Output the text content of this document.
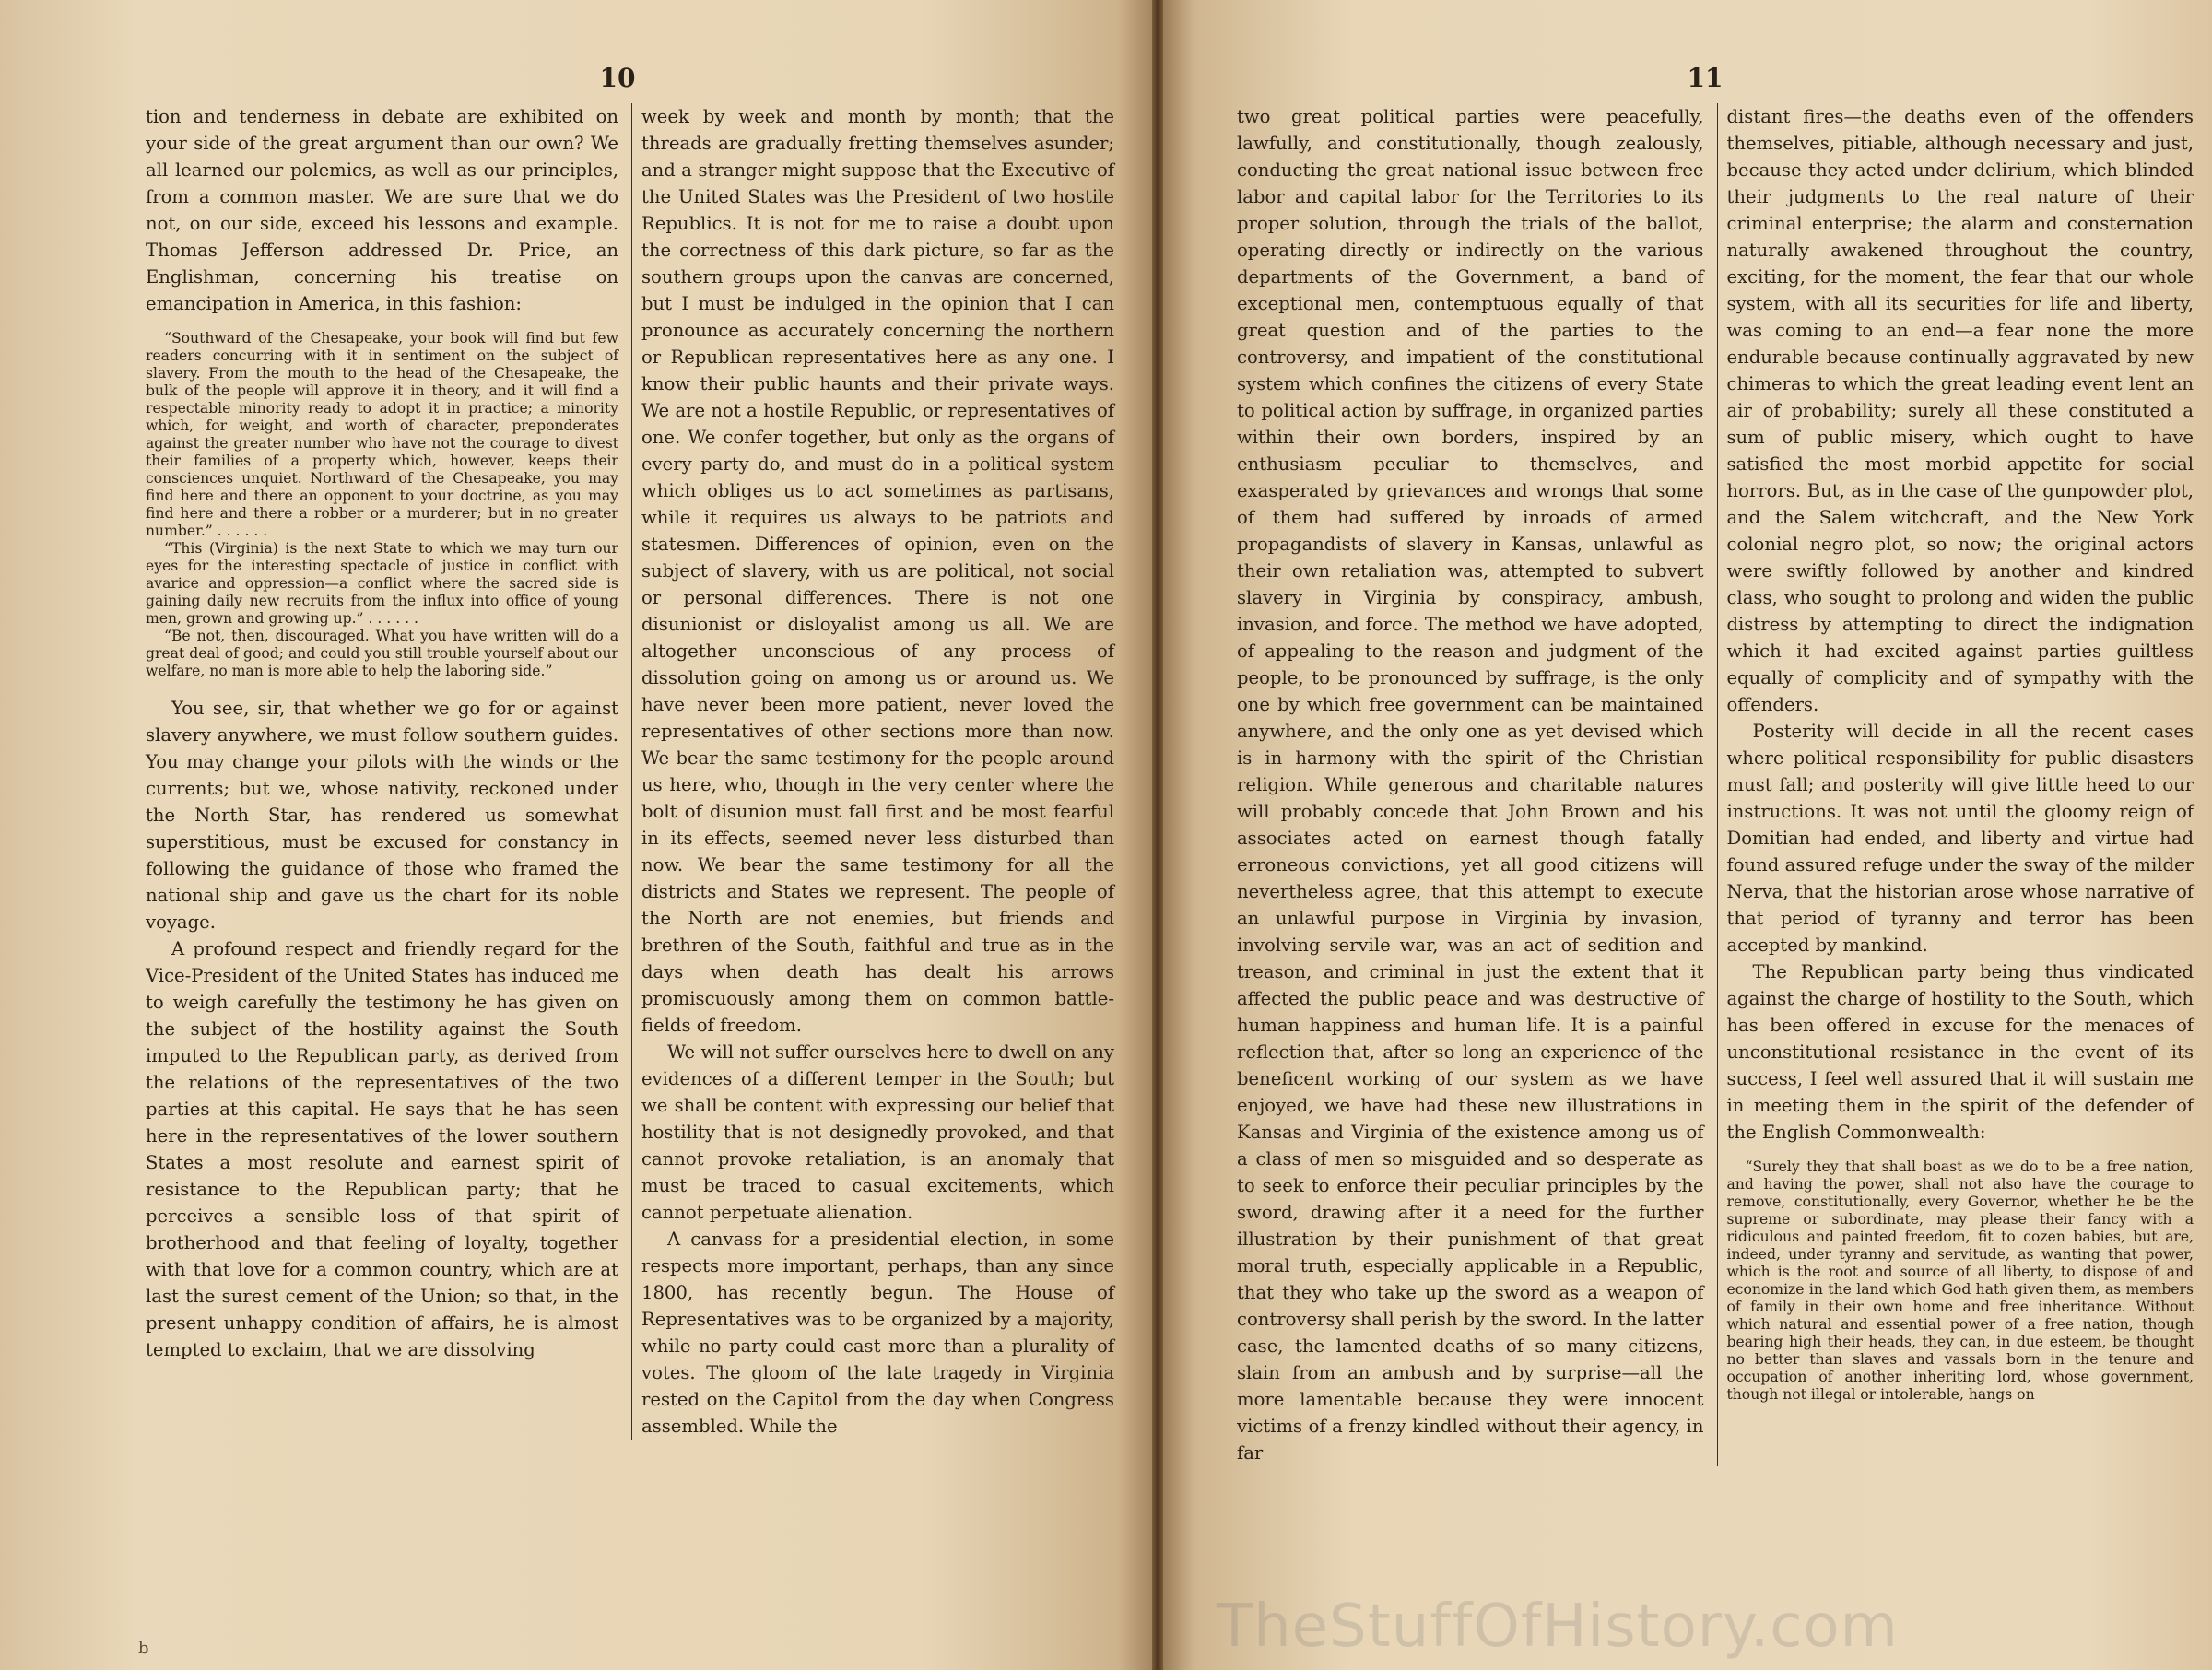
tion and tenderness in debate are exhibited on your side of the great argument than our own? We all learned our polemics, as well as our principles, from a common master. We are sure that we do not, on our side, exceed his lessons and example. Thomas Jefferson addressed Dr. Price, an Englishman, concerning his treatise on emancipation in America, in this fashion:

“Southward of the Chesapeake, your book will find but few readers concurring with it in sentiment on the subject of slavery. From the mouth to the head of the Chesapeake, the bulk of the people will approve it in theory, and it will find a respectable minority ready to adopt it in practice; a minority which, for weight, and worth of character, preponderates against the greater number who have not the courage to divest their families of a property which, however, keeps their consciences unquiet. Northward of the Chesapeake, you may find here and there an opponent to your doctrine, as you may find here and there a robber or a murderer; but in no greater number.” . . . . . .

“This (Virginia) is the next State to which we may turn our eyes for the interesting spectacle of justice in conflict with avarice and oppression—a conflict where the sacred side is gaining daily new recruits from the influx into office of young men, grown and growing up.” . . . . . .

“Be not, then, discouraged. What you have written will do a great deal of good; and could you still trouble yourself about our welfare, no man is more able to help the laboring side.”

You see, sir, that whether we go for or against slavery anywhere, we must follow southern guides. You may change your pilots with the winds or the currents; but we, whose nativity, reckoned under the North Star, has rendered us somewhat superstitious, must be excused for constancy in following the guidance of those who framed the national ship and gave us the chart for its noble voyage.

A profound respect and friendly regard for the Vice-President of the United States has induced me to weigh carefully the testimony he has given on the subject of the hostility against the South imputed to the Republican party, as derived from the relations of the representatives of the two parties at this capital. He says that he has seen here in the representatives of the lower southern States a most resolute and earnest spirit of resistance to the Republican party; that he perceives a sensible loss of that spirit of brotherhood and that feeling of loyalty, together with that love for a common country, which are at last the surest cement of the Union; so that, in the present unhappy condition of affairs, he is almost tempted to exclaim, that we are dissolving

week by week and month by month; that the threads are gradually fretting themselves asunder; and a stranger might suppose that the Executive of the United States was the President of two hostile Republics. It is not for me to raise a doubt upon the correctness of this dark picture, so far as the southern groups upon the canvas are concerned, but I must be indulged in the opinion that I can pronounce as accurately concerning the northern or Republican representatives here as any one. I know their public haunts and their private ways. We are not a hostile Republic, or representatives of one. We confer together, but only as the organs of every party do, and must do in a political system which obliges us to act sometimes as partisans, while it requires us always to be patriots and statesmen. Differences of opinion, even on the subject of slavery, with us are political, not social or personal differences. There is not one disunionist or disloyalist among us all. We are altogether unconscious of any process of dissolution going on among us or around us. We have never been more patient, never loved the representatives of other sections more than now. We bear the same testimony for the people around us here, who, though in the very center where the bolt of disunion must fall first and be most fearful in its effects, seemed never less disturbed than now. We bear the same testimony for all the districts and States we represent. The people of the North are not enemies, but friends and brethren of the South, faithful and true as in the days when death has dealt his arrows promiscuously among them on common battle-fields of freedom.

We will not suffer ourselves here to dwell on any evidences of a different temper in the South; but we shall be content with expressing our belief that hostility that is not designedly provoked, and that cannot provoke retaliation, is an anomaly that must be traced to casual excitements, which cannot perpetuate alienation.

A canvass for a presidential election, in some respects more important, perhaps, than any since 1800, has recently begun. The House of Representatives was to be organized by a majority, while no party could cast more than a plurality of votes. The gloom of the late tragedy in Virginia rested on the Capitol from the day when Congress assembled. While the

two great political parties were peacefully, lawfully, and constitutionally, though zealously, conducting the great national issue between free labor and capital labor for the Territories to its proper solution, through the trials of the ballot, operating directly or indirectly on the various departments of the Government, a band of exceptional men, contemptuous equally of that great question and of the parties to the controversy, and impatient of the constitutional system which confines the citizens of every State to political action by suffrage, in organized parties within their own borders, inspired by an enthusiasm peculiar to themselves, and exasperated by grievances and wrongs that some of them had suffered by inroads of armed propagandists of slavery in Kansas, unlawful as their own retaliation was, attempted to subvert slavery in Virginia by conspiracy, ambush, invasion, and force. The method we have adopted, of appealing to the reason and judgment of the people, to be pronounced by suffrage, is the only one by which free government can be maintained anywhere, and the only one as yet devised which is in harmony with the spirit of the Christian religion. While generous and charitable natures will probably concede that John Brown and his associates acted on earnest though fatally erroneous convictions, yet all good citizens will nevertheless agree, that this attempt to execute an unlawful purpose in Virginia by invasion, involving servile war, was an act of sedition and treason, and criminal in just the extent that it affected the public peace and was destructive of human happiness and human life. It is a painful reflection that, after so long an experience of the beneficent working of our system as we have enjoyed, we have had these new illustrations in Kansas and Virginia of the existence among us of a class of men so misguided and so desperate as to seek to enforce their peculiar principles by the sword, drawing after it a need for the further illustration by their punishment of that great moral truth, especially applicable in a Republic, that they who take up the sword as a weapon of controversy shall perish by the sword. In the latter case, the lamented deaths of so many citizens, slain from an ambush and by surprise—all the more lamentable because they were innocent victims of a frenzy kindled without their agency, in far

distant fires—the deaths even of the offenders themselves, pitiable, although necessary and just, because they acted under delirium, which blinded their judgments to the real nature of their criminal enterprise; the alarm and consternation naturally awakened throughout the country, exciting, for the moment, the fear that our whole system, with all its securities for life and liberty, was coming to an end—a fear none the more endurable because continually aggravated by new chimeras to which the great leading event lent an air of probability; surely all these constituted a sum of public misery, which ought to have satisfied the most morbid appetite for social horrors. But, as in the case of the gunpowder plot, and the Salem witchcraft, and the New York colonial negro plot, so now; the original actors were swiftly followed by another and kindred class, who sought to prolong and widen the public distress by attempting to direct the indignation which it had excited against parties guiltless equally of complicity and of sympathy with the offenders.

Posterity will decide in all the recent cases where political responsibility for public disasters must fall; and posterity will give little heed to our instructions. It was not until the gloomy reign of Domitian had ended, and liberty and virtue had found assured refuge under the sway of the milder Nerva, that the historian arose whose narrative of that period of tyranny and terror has been accepted by mankind.

The Republican party being thus vindicated against the charge of hostility to the South, which has been offered in excuse for the menaces of unconstitutional resistance in the event of its success, I feel well assured that it will sustain me in meeting them in the spirit of the defender of the English Commonwealth:

“Surely they that shall boast as we do to be a free nation, and having the power, shall not also have the courage to remove, constitutionally, every Governor, whether he be the supreme or subordinate, may please their fancy with a ridiculous and painted freedom, fit to cozen babies, but are, indeed, under tyranny and servitude, as wanting that power, which is the root and source of all liberty, to dispose of and economize in the land which God hath given them, as members of family in their own home and free inheritance. Without which natural and essential power of a free nation, though bearing high their heads, they can, in due esteem, be thought no better than slaves and vassals born in the tenure and occupation of another inheriting lord, whose government, though not illegal or intolerable, hangs on

10	11
b	TheStuffOfHistory.com
